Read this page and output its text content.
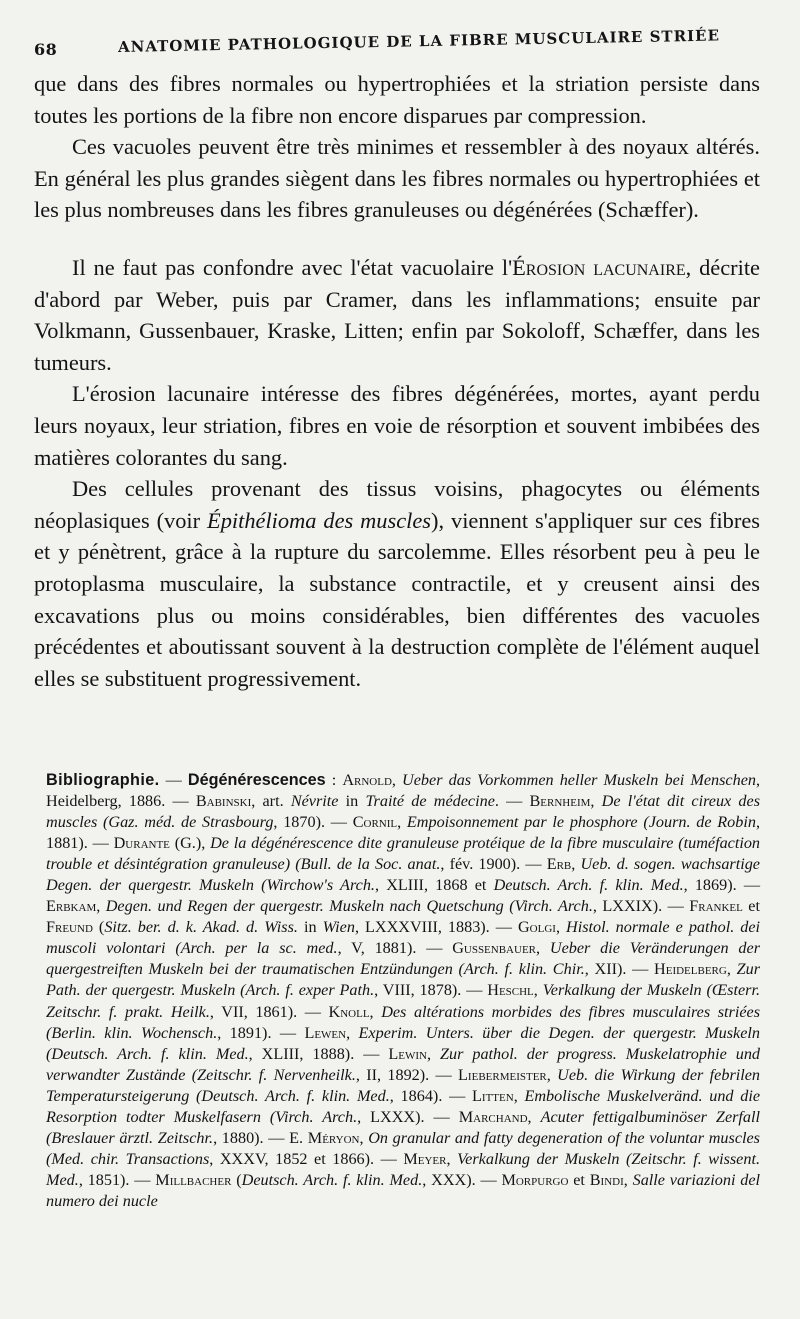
68	ANATOMIE PATHOLOGIQUE DE LA FIBRE MUSCULAIRE STRIÉE

que dans des fibres normales ou hypertrophiées et la striation persiste dans toutes les portions de la fibre non encore disparues par compression.

Ces vacuoles peuvent être très minimes et ressembler à des noyaux altérés. En général les plus grandes siègent dans les fibres normales ou hypertrophiées et les plus nombreuses dans les fibres granuleuses ou dégénérées (Schæffer).

Il ne faut pas confondre avec l'état vacuolaire l'Érosion lacunaire, décrite d'abord par Weber, puis par Cramer, dans les inflammations; ensuite par Volkmann, Gussenbauer, Kraske, Litten; enfin par Sokoloff, Schæffer, dans les tumeurs.

L'érosion lacunaire intéresse des fibres dégénérées, mortes, ayant perdu leurs noyaux, leur striation, fibres en voie de résorption et souvent imbibées des matières colorantes du sang.

Des cellules provenant des tissus voisins, phagocytes ou éléments néoplasiques (voir Épithélioma des muscles), viennent s'appliquer sur ces fibres et y pénètrent, grâce à la rupture du sarcolemme. Elles résorbent peu à peu le protoplasma musculaire, la substance contractile, et y creusent ainsi des excavations plus ou moins considérables, bien différentes des vacuoles précédentes et aboutissant souvent à la destruction complète de l'élément auquel elles se substituent progressivement.

Bibliographie. — Dégénérescences : Arnold, Ueber das Vorkommen heller Muskeln bei Menschen, Heidelberg, 1886. — Babinski, art. Névrite in Traité de médecine. — Bernheim, De l'état dit cireux des muscles (Gaz. méd. de Strasbourg, 1870). — Cornil, Empoisonnement par le phosphore (Journ. de Robin, 1881). — Durante (G.), De la dégénérescence dite granuleuse protéique de la fibre musculaire (tuméfaction trouble et désintégration granuleuse) (Bull. de la Soc. anat., fév. 1900). — Erb, Ueb. d. sogen. wachsartige Degen. der quergestr. Muskeln (Wirchow's Arch., XLIII, 1868 et Deutsch. Arch. f. klin. Med., 1869). — Erbkam, Degen. und Regen der quergestr. Muskeln nach Quetschung (Virch. Arch., LXXIX). — Frankel et Freund (Sitz. ber. d. k. Akad. d. Wiss. in Wien, LXXXVIII, 1883). — Golgi, Histol. normale e pathol. dei muscoli volontari (Arch. per la sc. med., V, 1881). — Gussenbauer, Ueber die Veränderungen der quergestreiften Muskeln bei der traumatischen Entzündungen (Arch. f. klin. Chir., XII). — Heidelberg, Zur Path. der quergestr. Muskeln (Arch. f. exper Path., VIII, 1878). — Heschl, Verkalkung der Muskeln (Œsterr. Zeitschr. f. prakt. Heilk., VII, 1861). — Knoll, Des altérations morbides des fibres musculaires striées (Berlin. klin. Wochensch., 1891). — Lewen, Experim. Unters. über die Degen. der quergestr. Muskeln (Deutsch. Arch. f. klin. Med., XLIII, 1888). — Lewin, Zur pathol. der progress. Muskelatrophie und verwandter Zustände (Zeitschr. f. Nervenheilk., II, 1892). — Liebermeister, Ueb. die Wirkung der febrilen Temperatursteigerung (Deutsch. Arch. f. klin. Med., 1864). — Litten, Embolische Muskelveränd. und die Resorption todter Muskelfasern (Virch. Arch., LXXX). — Marchand, Acuter fettigalbuminöser Zerfall (Breslauer ärztl. Zeitschr., 1880). — E. Méryon, On granular and fatty degeneration of the voluntar muscles (Med. chir. Transactions, XXXV, 1852 et 1866). — Meyer, Verkalkung der Muskeln (Zeitschr. f. wissent. Med., 1851). — Millbacher (Deutsch. Arch. f. klin. Med., XXX). — Morpurgo et Bindi, Salle variazioni del numero dei nucle
